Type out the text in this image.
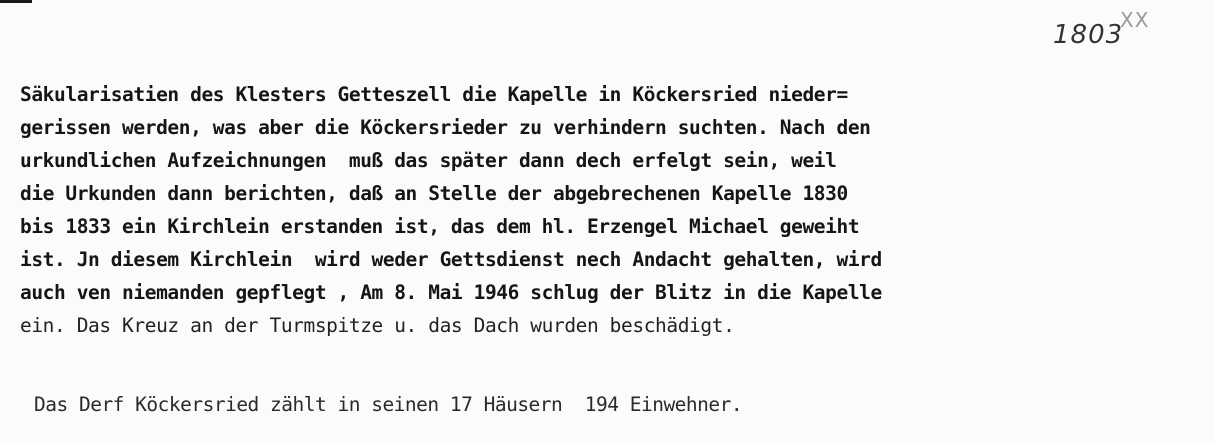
1803
XX
Säkularisatien des Klesters Getteszell die Kapelle in Köckersried nieder=
gerissen werden, was aber die Köckersrieder zu verhindern suchten. Nach den
urkundlichen Aufzeichnungen  muß das später dann dech erfelgt sein, weil
die Urkunden dann berichten, daß an Stelle der abgebrechenen Kapelle 1830
bis 1833 ein Kirchlein erstanden ist, das dem hl. Erzengel Michael geweiht
ist. Jn diesem Kirchlein  wird weder Gettsdienst nech Andacht gehalten, wird
auch ven niemanden gepflegt , Am 8. Mai 1946 schlug der Blitz in die Kapelle
ein. Das Kreuz an der Turmspitze u. das Dach wurden beschädigt.
Das Derf Köckersried zählt in seinen 17 Häusern  194 Einwehner.
